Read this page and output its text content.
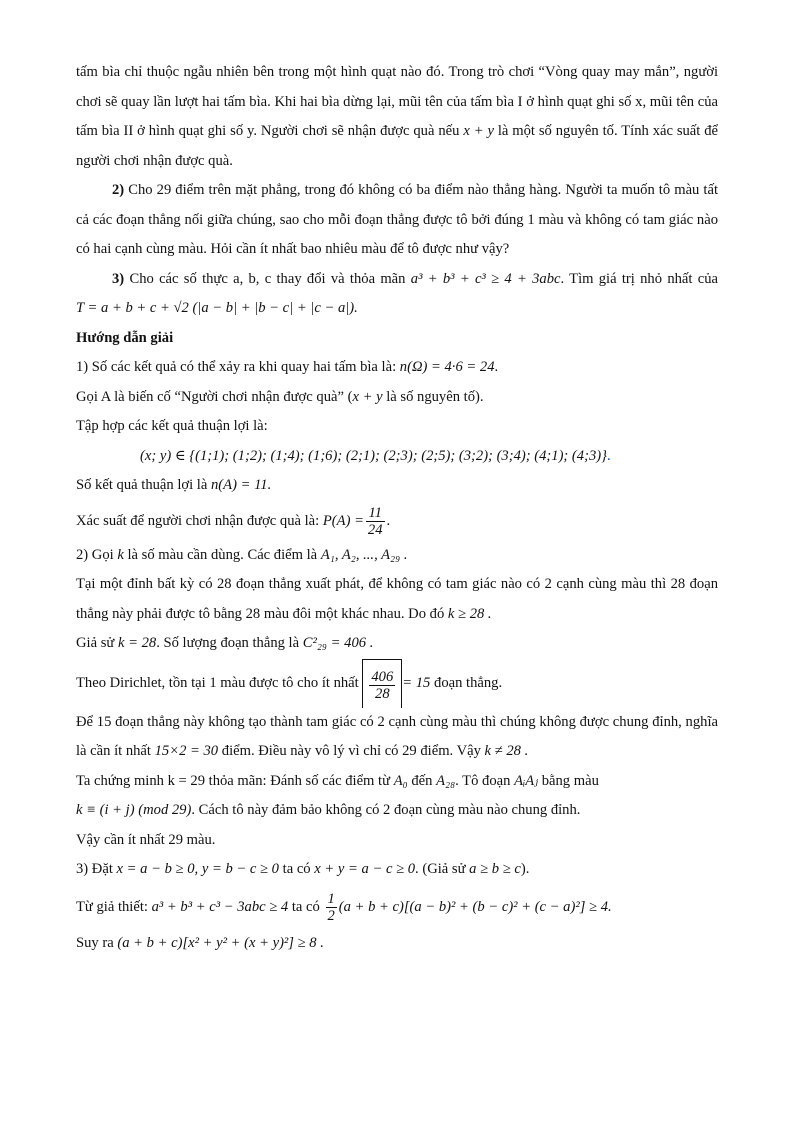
tấm bìa chỉ thuộc ngẫu nhiên bên trong một hình quạt nào đó. Trong trò chơi “Vòng quay may mắn”, người chơi sẽ quay lần lượt hai tấm bìa. Khi hai bìa dừng lại, mũi tên của tấm bìa I ở hình quạt ghi số x, mũi tên của tấm bìa II ở hình quạt ghi số y. Người chơi sẽ nhận được quà nếu x + y là một số nguyên tố. Tính xác suất để người chơi nhận được quà.

2) Cho 29 điểm trên mặt phẳng, trong đó không có ba điểm nào thẳng hàng. Người ta muốn tô màu tất cả các đoạn thẳng nối giữa chúng, sao cho mỗi đoạn thẳng được tô bởi đúng 1 màu và không có tam giác nào có hai cạnh cùng màu. Hỏi cần ít nhất bao nhiêu màu để tô được như vậy?

3) Cho các số thực a, b, c thay đổi và thỏa mãn a³ + b³ + c³ ≥ 4 + 3abc. Tìm giá trị nhỏ nhất của T = a + b + c + √2 (|a − b| + |b − c| + |c − a|).

Hướng dẫn giải

1) Số các kết quả có thể xảy ra khi quay hai tấm bìa là: n(Ω) = 4·6 = 24.

Gọi A là biến cố “Người chơi nhận được quà” (x + y là số nguyên tố).

Tập hợp các kết quả thuận lợi là:

(x; y) ∈ {(1;1); (1;2); (1;4); (1;6); (2;1); (2;3); (2;5); (3;2); (3;4); (4;1); (4;3)}.

Số kết quả thuận lợi là n(A) = 11.

Xác suất để người chơi nhận được quà là: $P(A) = \frac{11}{24}$ .

2) Gọi k là số màu cần dùng. Các điểm là A₁, A₂, ..., A₂₉ .

Tại một đỉnh bất kỳ có 28 đoạn thẳng xuất phát, để không có tam giác nào có 2 cạnh cùng màu thì 28 đoạn thẳng này phải được tô bằng 28 màu đôi một khác nhau. Do đó k ≥ 28 .

Giả sử k = 28. Số lượng đoạn thẳng là C²₂₉ = 406 .

Theo Dirichlet, tồn tại 1 màu được tô cho ít nhất $\frac{406}{28} = 15$ đoạn thẳng.

Để 15 đoạn thẳng này không tạo thành tam giác có 2 cạnh cùng màu thì chúng không được chung đỉnh, nghĩa là cần ít nhất 15×2 = 30 điểm. Điều này vô lý vì chỉ có 29 điểm. Vậy k ≠ 28 .

Ta chứng minh k = 29 thỏa mãn: Đánh số các điểm từ A₀ đến A₂₈. Tô đoạn AᵢAⱼ bằng màu

k ≡ (i + j) (mod 29). Cách tô này đảm bảo không có 2 đoạn cùng màu nào chung đỉnh.

Vậy cần ít nhất 29 màu.

3) Đặt x = a − b ≥ 0, y = b − c ≥ 0 ta có x + y = a − c ≥ 0. (Giả sử a ≥ b ≥ c).

Từ giả thiết: a³ + b³ + c³ − 3abc ≥ 4 ta có $\frac{1}{2} (a + b + c)[(a - b)^2 + (b - c)^2 + (c - a)^2] \ge 4$.

Suy ra (a + b + c)[x² + y² + (x + y)²] ≥ 8 .
